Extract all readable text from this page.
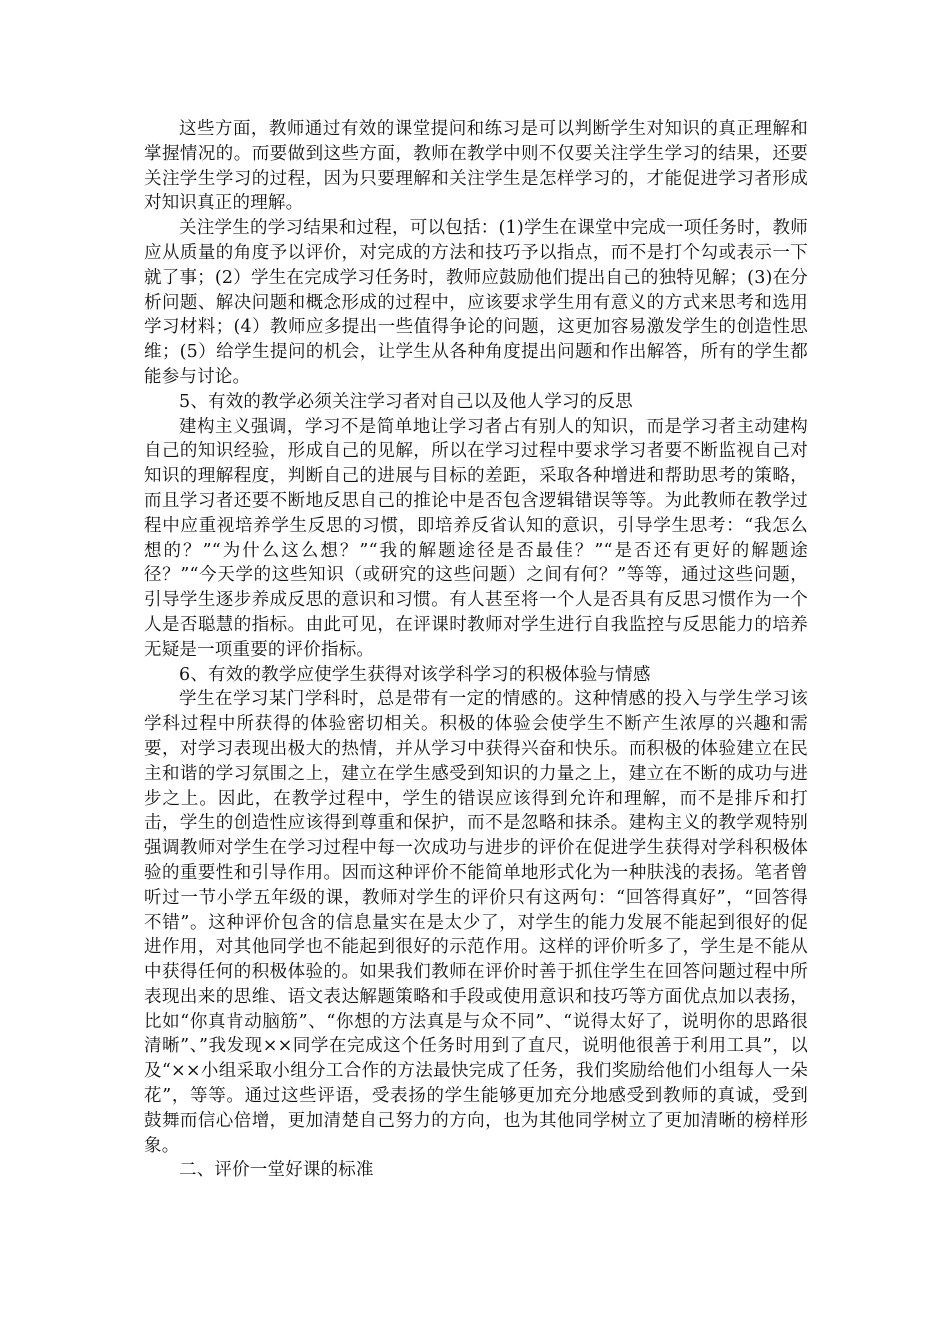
这些方面，教师通过有效的课堂提问和练习是可以判断学生对知识的真正理解和掌握情况的。而要做到这些方面，教师在教学中则不仅要关注学生学习的结果，还要关注学生学习的过程，因为只要理解和关注学生是怎样学习的，才能促进学习者形成对知识真正的理解。

关注学生的学习结果和过程，可以包括：(1)学生在课堂中完成一项任务时，教师应从质量的角度予以评价，对完成的方法和技巧予以指点，而不是打个勾或表示一下就了事；(2）学生在完成学习任务时，教师应鼓励他们提出自己的独特见解；(3)在分析问题、解决问题和概念形成的过程中，应该要求学生用有意义的方式来思考和选用学习材料；(4）教师应多提出一些值得争论的问题，这更加容易激发学生的创造性思维；(5）给学生提问的机会，让学生从各种角度提出问题和作出解答，所有的学生都能参与讨论。

5、有效的教学必须关注学习者对自己以及他人学习的反思

建构主义强调，学习不是简单地让学习者占有别人的知识，而是学习者主动建构自己的知识经验，形成自己的见解，所以在学习过程中要求学习者要不断监视自己对知识的理解程度，判断自己的进展与目标的差距，采取各种增进和帮助思考的策略，而且学习者还要不断地反思自己的推论中是否包含逻辑错误等等。为此教师在教学过程中应重视培养学生反思的习惯，即培养反省认知的意识，引导学生思考：“我怎么想的？”“为什么这么想？”“我的解题途径是否最佳？”“是否还有更好的解题途径？”“今天学的这些知识（或研究的这些问题）之间有何？”等等，通过这些问题，引导学生逐步养成反思的意识和习惯。有人甚至将一个人是否具有反思习惯作为一个人是否聪慧的指标。由此可见，在评课时教师对学生进行自我监控与反思能力的培养无疑是一项重要的评价指标。

6、有效的教学应使学生获得对该学科学习的积极体验与情感

学生在学习某门学科时，总是带有一定的情感的。这种情感的投入与学生学习该学科过程中所获得的体验密切相关。积极的体验会使学生不断产生浓厚的兴趣和需要，对学习表现出极大的热情，并从学习中获得兴奋和快乐。而积极的体验建立在民主和谐的学习氛围之上，建立在学生感受到知识的力量之上，建立在不断的成功与进步之上。因此，在教学过程中，学生的错误应该得到允许和理解，而不是排斥和打击，学生的创造性应该得到尊重和保护，而不是忽略和抹杀。建构主义的教学观特别强调教师对学生在学习过程中每一次成功与进步的评价在促进学生获得对学科积极体验的重要性和引导作用。因而这种评价不能简单地形式化为一种肤浅的表扬。笔者曾听过一节小学五年级的课，教师对学生的评价只有这两句：“回答得真好”，“回答得不错”。这种评价包含的信息量实在是太少了，对学生的能力发展不能起到很好的促进作用，对其他同学也不能起到很好的示范作用。这样的评价听多了，学生是不能从中获得任何的积极体验的。如果我们教师在评价时善于抓住学生在回答问题过程中所表现出来的思维、语文表达解题策略和手段或使用意识和技巧等方面优点加以表扬，比如“你真肯动脑筋”、“你想的方法真是与众不同”、“说得太好了，说明你的思路很清晰”、”我发现××同学在完成这个任务时用到了直尺，说明他很善于利用工具”，以及“××小组采取小组分工合作的方法最快完成了任务，我们奖励给他们小组每人一朵花”，等等。通过这些评语，受表扬的学生能够更加充分地感受到教师的真诚，受到鼓舞而信心倍增，更加清楚自己努力的方向，也为其他同学树立了更加清晰的榜样形象。

二、评价一堂好课的标准
